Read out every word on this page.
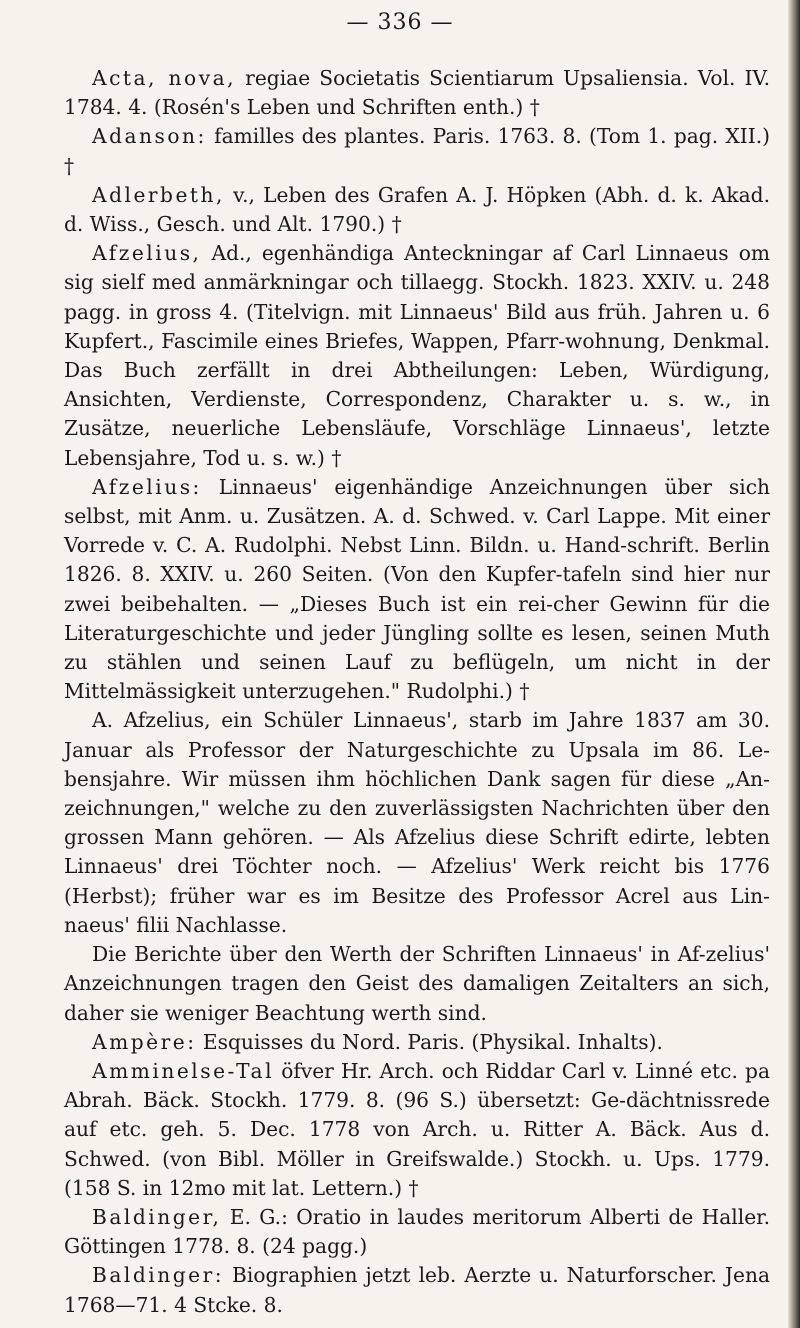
— 336 —

Acta, nova, regiae Societatis Scientiarum Upsaliensia. Vol. IV. 1784. 4. (Rosén's Leben und Schriften enth.) †

Adanson: familles des plantes. Paris. 1763. 8. (Tom 1. pag. XII.) †

Adlerbeth, v., Leben des Grafen A. J. Höpken (Abh. d. k. Akad. d. Wiss., Gesch. und Alt. 1790.) †

Afzelius, Ad., egenhändiga Anteckningar af Carl Linnaeus om sig sielf med anmärkningar och tillaegg. Stockh. 1823. XXIV. u. 248 pagg. in gross 4. (Titelvign. mit Linnaeus' Bild aus früh. Jahren u. 6 Kupfert., Fascimile eines Briefes, Wappen, Pfarr-wohnung, Denkmal. Das Buch zerfällt in drei Abtheilungen: Leben, Würdigung, Ansichten, Verdienste, Correspondenz, Charakter u. s. w., in Zusätze, neuerliche Lebensläufe, Vorschläge Linnaeus', letzte Lebensjahre, Tod u. s. w.) †

Afzelius: Linnaeus' eigenhändige Anzeichnungen über sich selbst, mit Anm. u. Zusätzen. A. d. Schwed. v. Carl Lappe. Mit einer Vorrede v. C. A. Rudolphi. Nebst Linn. Bildn. u. Hand-schrift. Berlin 1826. 8. XXIV. u. 260 Seiten. (Von den Kupfer-tafeln sind hier nur zwei beibehalten. — „Dieses Buch ist ein rei-cher Gewinn für die Literaturgeschichte und jeder Jüngling sollte es lesen, seinen Muth zu stählen und seinen Lauf zu beflügeln, um nicht in der Mittelmässigkeit unterzugehen." Rudolphi.) †

A. Afzelius, ein Schüler Linnaeus', starb im Jahre 1837 am 30. Januar als Professor der Naturgeschichte zu Upsala im 86. Le-bensjahre. Wir müssen ihm höchlichen Dank sagen für diese „An-zeichnungen," welche zu den zuverlässigsten Nachrichten über den grossen Mann gehören. — Als Afzelius diese Schrift edirte, lebten Linnaeus' drei Töchter noch. — Afzelius' Werk reicht bis 1776 (Herbst); früher war es im Besitze des Professor Acrel aus Lin-naeus' filii Nachlasse.

Die Berichte über den Werth der Schriften Linnaeus' in Af-zelius' Anzeichnungen tragen den Geist des damaligen Zeitalters an sich, daher sie weniger Beachtung werth sind.

Ampère: Esquisses du Nord. Paris. (Physikal. Inhalts).

Amminelse-Tal öfver Hr. Arch. och Riddar Carl v. Linné etc. pa Abrah. Bäck. Stockh. 1779. 8. (96 S.) übersetzt: Ge-dächtnissrede auf etc. geh. 5. Dec. 1778 von Arch. u. Ritter A. Bäck. Aus d. Schwed. (von Bibl. Möller in Greifswalde.) Stockh. u. Ups. 1779. (158 S. in 12mo mit lat. Lettern.) †

Baldinger, E. G.: Oratio in laudes meritorum Alberti de Haller. Göttingen 1778. 8. (24 pagg.)

Baldinger: Biographien jetzt leb. Aerzte u. Naturforscher. Jena 1768—71. 4 Stcke. 8.
